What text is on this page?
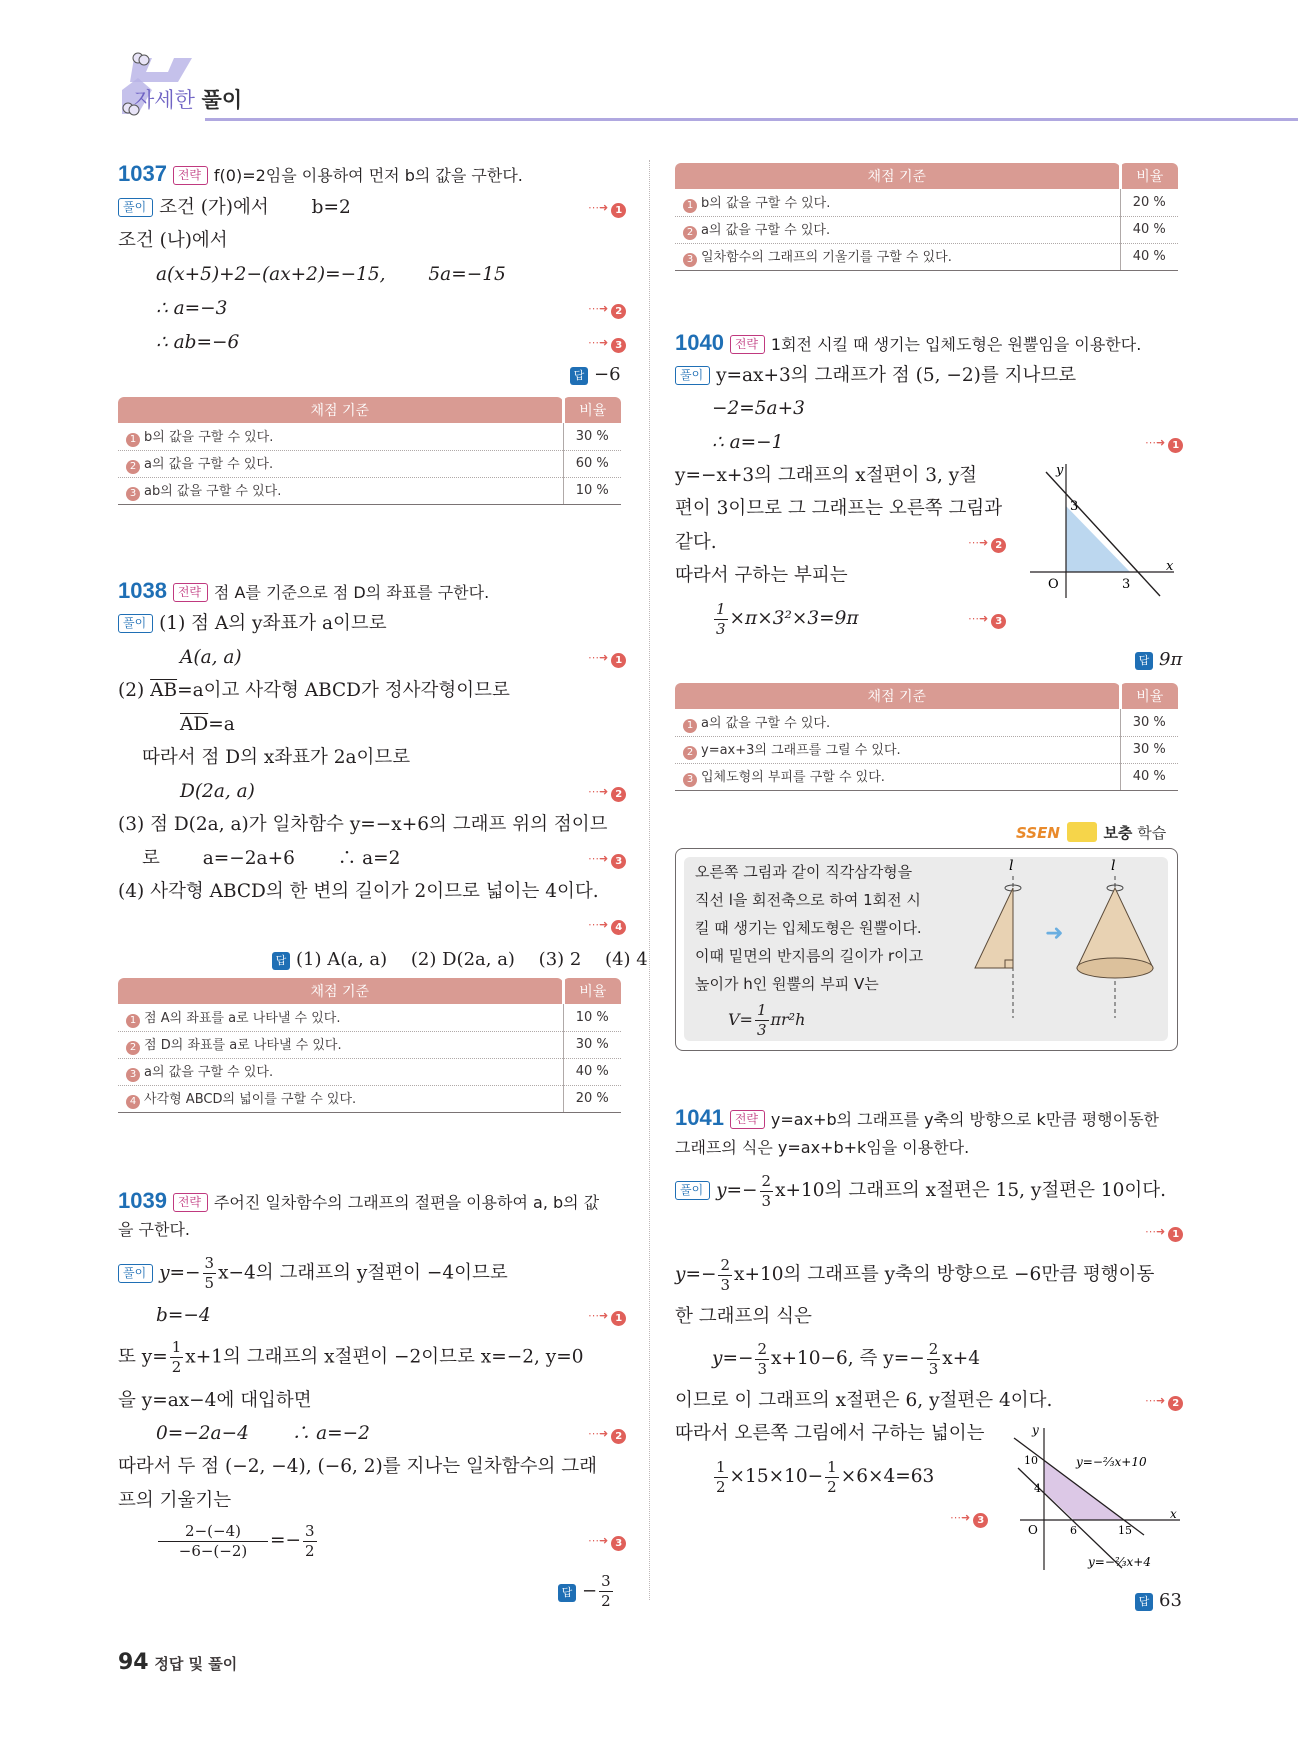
자세한 풀이
1037 전략 f(0)=2임을 이용하여 먼저 b의 값을 구한다.
풀이 조건 (가)에서 　　b=2	⋯➜ 1
조건 (나)에서
a(x+5)+2−(ax+2)=−15, 　　5a=−15
∴ a=−3	⋯➜ 2
∴ ab=−6	⋯➜ 3
답 −6
채점 기준	비율
1 b의 값을 구할 수 있다.	30 %
2 a의 값을 구할 수 있다.	60 %
3 ab의 값을 구할 수 있다.	10 %
1038 전략 점 A를 기준으로 점 D의 좌표를 구한다.
풀이 (1) 점 A의 y좌표가 a이므로
A(a, a)	⋯➜ 1
(2) $\overline{AB}=a$이고 사각형 ABCD가 정사각형이므로
$\overline{AD}=a$
따라서 점 D의 x좌표가 2a이므로
D(2a, a)	⋯➜ 2
(3) 점 D(2a, a)가 일차함수 y=−x+6의 그래프 위의 점이므
로 　　a=−2a+6 　　∴ a=2	⋯➜ 3
(4) 사각형 ABCD의 한 변의 길이가 2이므로 넓이는 4이다.
⋯➜ 4
답 (1) A(a, a) 　(2) D(2a, a) 　(3) 2 　(4) 4
채점 기준	비율
1 점 A의 좌표를 a로 나타낼 수 있다.	10 %
2 점 D의 좌표를 a로 나타낼 수 있다.	30 %
3 a의 값을 구할 수 있다.	40 %
4 사각형 ABCD의 넓이를 구할 수 있다.	20 %
1039 전략 주어진 일차함수의 그래프의 절편을 이용하여 a, b의 값
을 구한다.
풀이 $y=- \frac{3}{5} x-4$의 그래프의 y절편이 −4이므로
b=−4	⋯➜ 1
또 $y= \frac{1}{2} x+1$의 그래프의 x절편이 −2이므로 x=−2, y=0
을 y=ax−4에 대입하면
0=−2a−4 　　∴ a=−2	⋯➜ 2
따라서 두 점 (−2, −4), (−6, 2)를 지나는 일차함수의 그래
프의 기울기는
$\frac{2-(-4)}{-6-(-2)} =- \frac{3}{2}$	⋯➜ 3
답 − $\frac{3}{2}$
채점 기준	비율
1 b의 값을 구할 수 있다.	20 %
2 a의 값을 구할 수 있다.	40 %
3 일차함수의 그래프의 기울기를 구할 수 있다.	40 %
1040 전략 1회전 시킬 때 생기는 입체도형은 원뿔임을 이용한다.
풀이 y=ax+3의 그래프가 점 (5, −2)를 지나므로
−2=5a+3
∴ a=−1	⋯➜ 1
y=−x+3의 그래프의 x절편이 3, y절
편이 3이므로 그 그래프는 오른쪽 그림과
같다.	⋯➜ 2
따라서 구하는 부피는
$\frac{1}{3} \times\pi\times 3^2\times 3=9\pi$	⋯➜ 3
y
x
O
3
3
답 9π
채점 기준	비율
1 a의 값을 구할 수 있다.	30 %
2 y=ax+3의 그래프를 그릴 수 있다.	30 %
3 입체도형의 부피를 구할 수 있다.	40 %
SSEN	보충 학습
오른쪽 그림과 같이 직각삼각형을
직선 l을 회전축으로 하여 1회전 시
킬 때 생기는 입체도형은 원뿔이다.
이때 밑면의 반지름의 길이가 r이고
높이가 h인 원뿔의 부피 V는
$V= \frac{1}{3} \pi r^2h$
l
➜
l
1041 전략 y=ax+b의 그래프를 y축의 방향으로 k만큼 평행이동한
그래프의 식은 y=ax+b+k임을 이용한다.
풀이 $y=- \frac{2}{3} x+10$의 그래프의 x절편은 15, y절편은 10이다.
⋯➜ 1
$y=- \frac{2}{3} x+10$의 그래프를 y축의 방향으로 −6만큼 평행이동
한 그래프의 식은
$y=- \frac{2}{3} x+10-6$, 즉 $y=- \frac{2}{3} x+4$
이므로 이 그래프의 x절편은 6, y절편은 4이다.	⋯➜ 2
따라서 오른쪽 그림에서 구하는 넓이는
$\frac{1}{2} \times 15\times 10- \frac{1}{2} \times 6\times 4=63$
⋯➜ 3
y
x
O
10
4
6	15
y=−⅔x+10
y=−⅔x+4
답 63
94 정답 및 풀이
